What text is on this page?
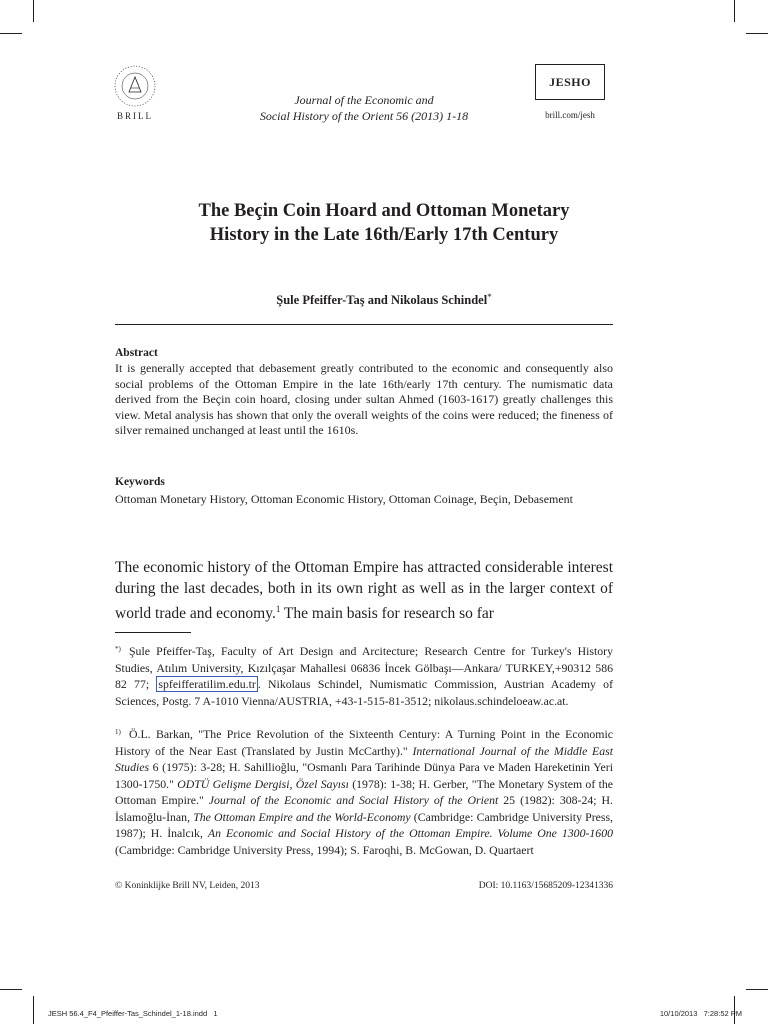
BRILL
Journal of the Economic and
Social History of the Orient 56 (2013) 1-18
JESHO
brill.com/jesh
The Beçin Coin Hoard and Ottoman Monetary
History in the Late 16th/Early 17th Century
Şule Pfeiffer-Taş and Nikolaus Schindel*
Abstract
It is generally accepted that debasement greatly contributed to the economic and consequently also social problems of the Ottoman Empire in the late 16th/early 17th century. The numismatic data derived from the Beçin coin hoard, closing under sultan Ahmed (1603-1617) greatly challenges this view. Metal analysis has shown that only the overall weights of the coins were reduced; the fineness of silver remained unchanged at least until the 1610s.
Keywords
Ottoman Monetary History, Ottoman Economic History, Ottoman Coinage, Beçin, Debasement
The economic history of the Ottoman Empire has attracted considerable interest during the last decades, both in its own right as well as in the larger context of world trade and economy.$^1$ The main basis for research so far
*) Şule Pfeiffer-Taş, Faculty of Art Design and Arcitecture; Research Centre for Turkey's History Studies, Atılım University, Kızılçaşar Mahallesi 06836 İncek Gölbaşı—Ankara/ TURKEY,+90312 586 82 77; spfeifferatilim.edu.tr . Nikolaus Schindel, Numismatic Commission, Austrian Academy of Sciences, Postg. 7 A-1010 Vienna/AUSTRIA, +43-1-515-81-3512; nikolaus.schindeloeaw.ac.at.
1) Ö.L. Barkan, "The Price Revolution of the Sixteenth Century: A Turning Point in the Economic History of the Near East (Translated by Justin McCarthy)." International Journal of the Middle East Studies 6 (1975): 3-28; H. Sahillioğlu, "Osmanlı Para Tarihinde Dünya Para ve Maden Hareketinin Yeri 1300-1750." ODTÜ Gelişme Dergisi, Özel Sayısı (1978): 1-38; H. Gerber, "The Monetary System of the Ottoman Empire." Journal of the Economic and Social History of the Orient 25 (1982): 308-24; H. İslamoğlu-İnan, The Ottoman Empire and the World-Economy (Cambridge: Cambridge University Press, 1987); H. İnalcık, An Economic and Social History of the Ottoman Empire. Volume One 1300-1600 (Cambridge: Cambridge University Press, 1994); S. Faroqhi, B. McGowan, D. Quartaert
© Koninklijke Brill NV, Leiden, 2013	DOI: 10.1163/15685209-12341336
JESH 56.4_F4_Pfeiffer-Tas_Schindel_1-18.indd   1	10/10/2013   7:28:52 PM
